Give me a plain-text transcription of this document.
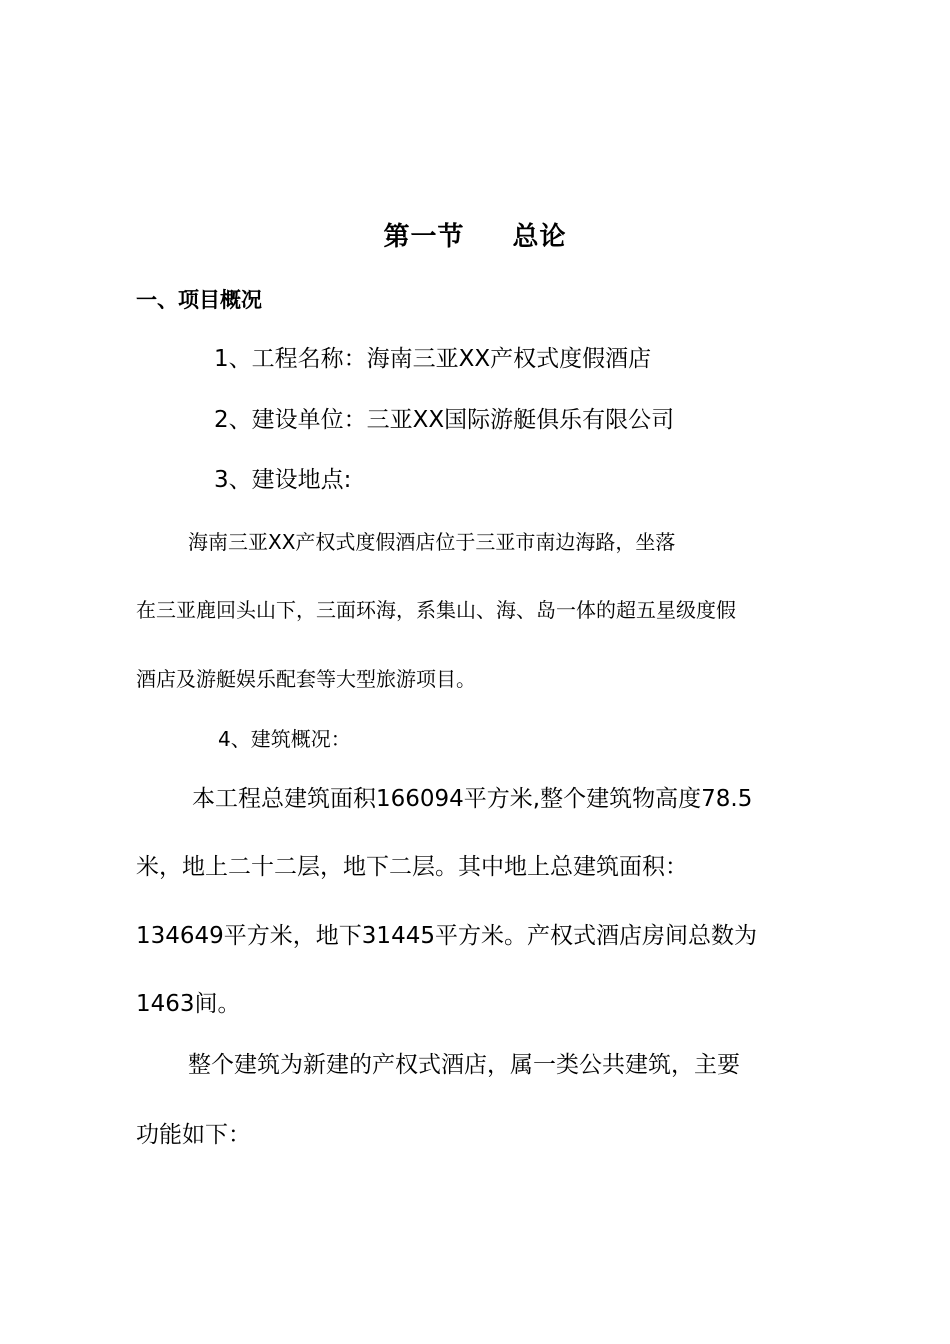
第一节 总论
一、项目概况
1、工程名称：海南三亚XX产权式度假酒店
2、建设单位：三亚XX国际游艇俱乐有限公司
3、建设地点:
海南三亚XX产权式度假酒店位于三亚市南边海路，坐落
在三亚鹿回头山下，三面环海，系集山、海、岛一体的超五星级度假
酒店及游艇娱乐配套等大型旅游项目。
4、建筑概况：
本工程总建筑面积166094平方米,整个建筑物高度78.5
米，地上二十二层，地下二层。其中地上总建筑面积：
134649平方米，地下31445平方米。产权式酒店房间总数为
1463间。
整个建筑为新建的产权式酒店，属一类公共建筑，主要
功能如下：
